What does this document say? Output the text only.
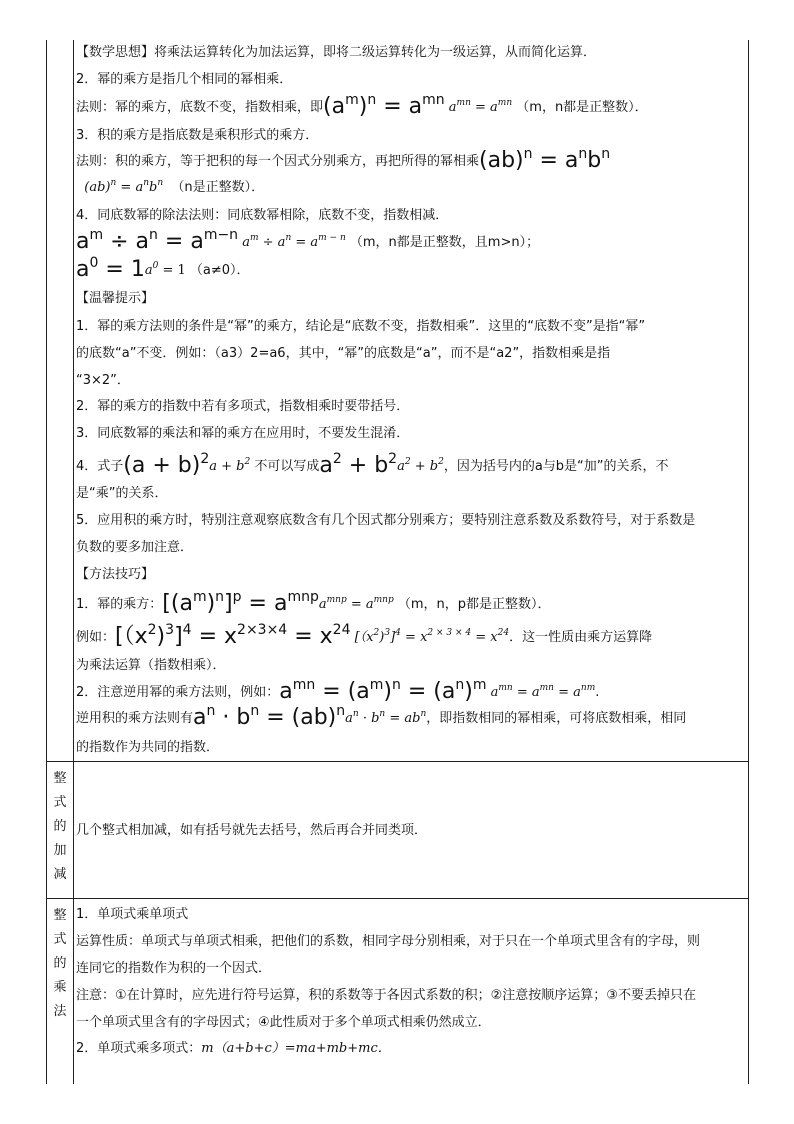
【数学思想】将乘法运算转化为加法运算，即将二级运算转化为一级运算，从而简化运算．
2．幂的乘方是指几个相同的幂相乘．
法则：幂的乘方，底数不变，指数相乘，即$(a^m)^n = a^{mn}$ $a^{mn} = a^{mn}$ （m，n都是正整数）．
3．积的乘方是指底数是乘积形式的乘方．
法则：积的乘方，等于把积的每一个因式分别乘方，再把所得的幂相乘$(ab)^n = a^nb^n$
$(ab)^n = a^nb^n$ （n是正整数）．
4．同底数幂的除法法则：同底数幂相除，底数不变，指数相减．
$a^m \div a^n = a^{m-n}$ $a^m \div a^n = a^{m - n}$ （m，n都是正整数，且m>n）；
$a^0 = 1a^0 = 1$ （a≠0）．
【温馨提示】
1．幂的乘方法则的条件是“幂”的乘方，结论是“底数不变，指数相乘”．这里的“底数不变”是指“幂”
的底数“a”不变．例如：（a3）2=a6，其中，“幂”的底数是“a”，而不是“a2”，指数相乘是指
“3×2”．
2．幂的乘方的指数中若有多项式，指数相乘时要带括号．
3．同底数幂的乘法和幂的乘方在应用时，不要发生混淆．
4．式子$(a + b)^2a + b^2$ 不可以写成$a^2 + b^2a^2 + b^2$，因为括号内的a与b是“加”的关系，不
是“乘”的关系．
5．应用积的乘方时，特别注意观察底数含有几个因式都分别乘方；要特别注意系数及系数符号，对于系数是
负数的要多加注意．
【方法技巧】
1．幂的乘方：$[(a^m)^n]^p = a^{mnp}a^{mnp} = a^{mnp}$ （m，n，p都是正整数）．
例如：$[(x^2)^3]^4 = x^{2\times 3\times 4} = x^{24}$ $[(x^2)^3]^4 = x^{2 \times 3 \times 4} = x^{24}$．这一性质由乘方运算降
为乘法运算（指数相乘）．
2．注意逆用幂的乘方法则，例如：$a^{mn} = (a^m)^n = (a^n)^m$ $a^{mn} = a^{mn} = a^{nm}$.
逆用积的乘方法则有$a^n \cdot b^n = (ab)^na^n \cdot b^n = ab^n$，即指数相同的幂相乘，可将底数相乘，相同
的指数作为共同的指数．
整
式
的
加
减
几个整式相加减，如有括号就先去括号，然后再合并同类项．
整
式
的
乘
法
1．单项式乘单项式
运算性质：单项式与单项式相乘，把他们的系数，相同字母分别相乘，对于只在一个单项式里含有的字母，则
连同它的指数作为积的一个因式．
注意：①在计算时，应先进行符号运算，积的系数等于各因式系数的积；②注意按顺序运算；③不要丢掉只在
一个单项式里含有的字母因式；④此性质对于多个单项式相乘仍然成立．
2．单项式乘多项式：m（a+b+c）=ma+mb+mc．
